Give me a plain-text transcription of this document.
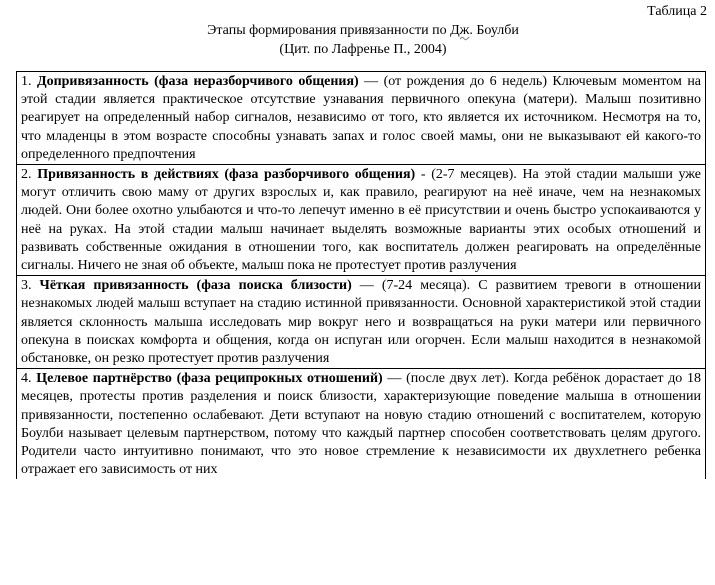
Таблица 2
Этапы формирования привязанности по Дж. Боулби
(Цит. по Лафренье П., 2004)
1. Допривязанность (фаза неразборчивого общения) — (от рождения до 6 недель) Ключевым моментом на этой стадии является практическое отсутствие узнавания первичного опекуна (матери). Малыш позитивно реагирует на определенный набор сигналов, независимо от того, кто является их источником. Несмотря на то, что младенцы в этом возрасте способны узнавать запах и голос своей мамы, они не выказывают ей какого-то определенного предпочтения
2. Привязанность в действиях (фаза разборчивого общения) - (2-7 месяцев). На этой стадии малыши уже могут отличить свою маму от других взрослых и, как правило, реагируют на неё иначе, чем на незнакомых людей. Они более охотно улыбаются и что-то лепечут именно в её присутствии и очень быстро успокаиваются у неё на руках. На этой стадии малыш начинает выделять возможные варианты этих особых отношений и развивать собственные ожидания в отношении того, как воспитатель должен реагировать на определённые сигналы. Ничего не зная об объекте, малыш пока не протестует против разлучения
3. Чёткая привязанность (фаза поиска близости) — (7-24 месяца). С развитием тревоги в отношении незнакомых людей малыш вступает на стадию истинной привязанности. Основной характеристикой этой стадии является склонность малыша исследовать мир вокруг него и возвращаться на руки матери или первичного опекуна в поисках комфорта и общения, когда он испуган или огорчен. Если малыш находится в незнакомой обстановке, он резко протестует против разлучения
4. Целевое партнёрство (фаза реципрокных отношений) — (после двух лет). Когда ребёнок дорастает до 18 месяцев, протесты против разделения и поиск близости, характеризующие поведение малыша в отношении привязанности, постепенно ослабевают. Дети вступают на новую стадию отношений с воспитателем, которую Боулби называет целевым партнерством, потому что каждый партнер способен соответствовать целям другого. Родители часто интуитивно понимают, что это новое стремление к независимости их двухлетнего ребенка отражает его зависимость от них
